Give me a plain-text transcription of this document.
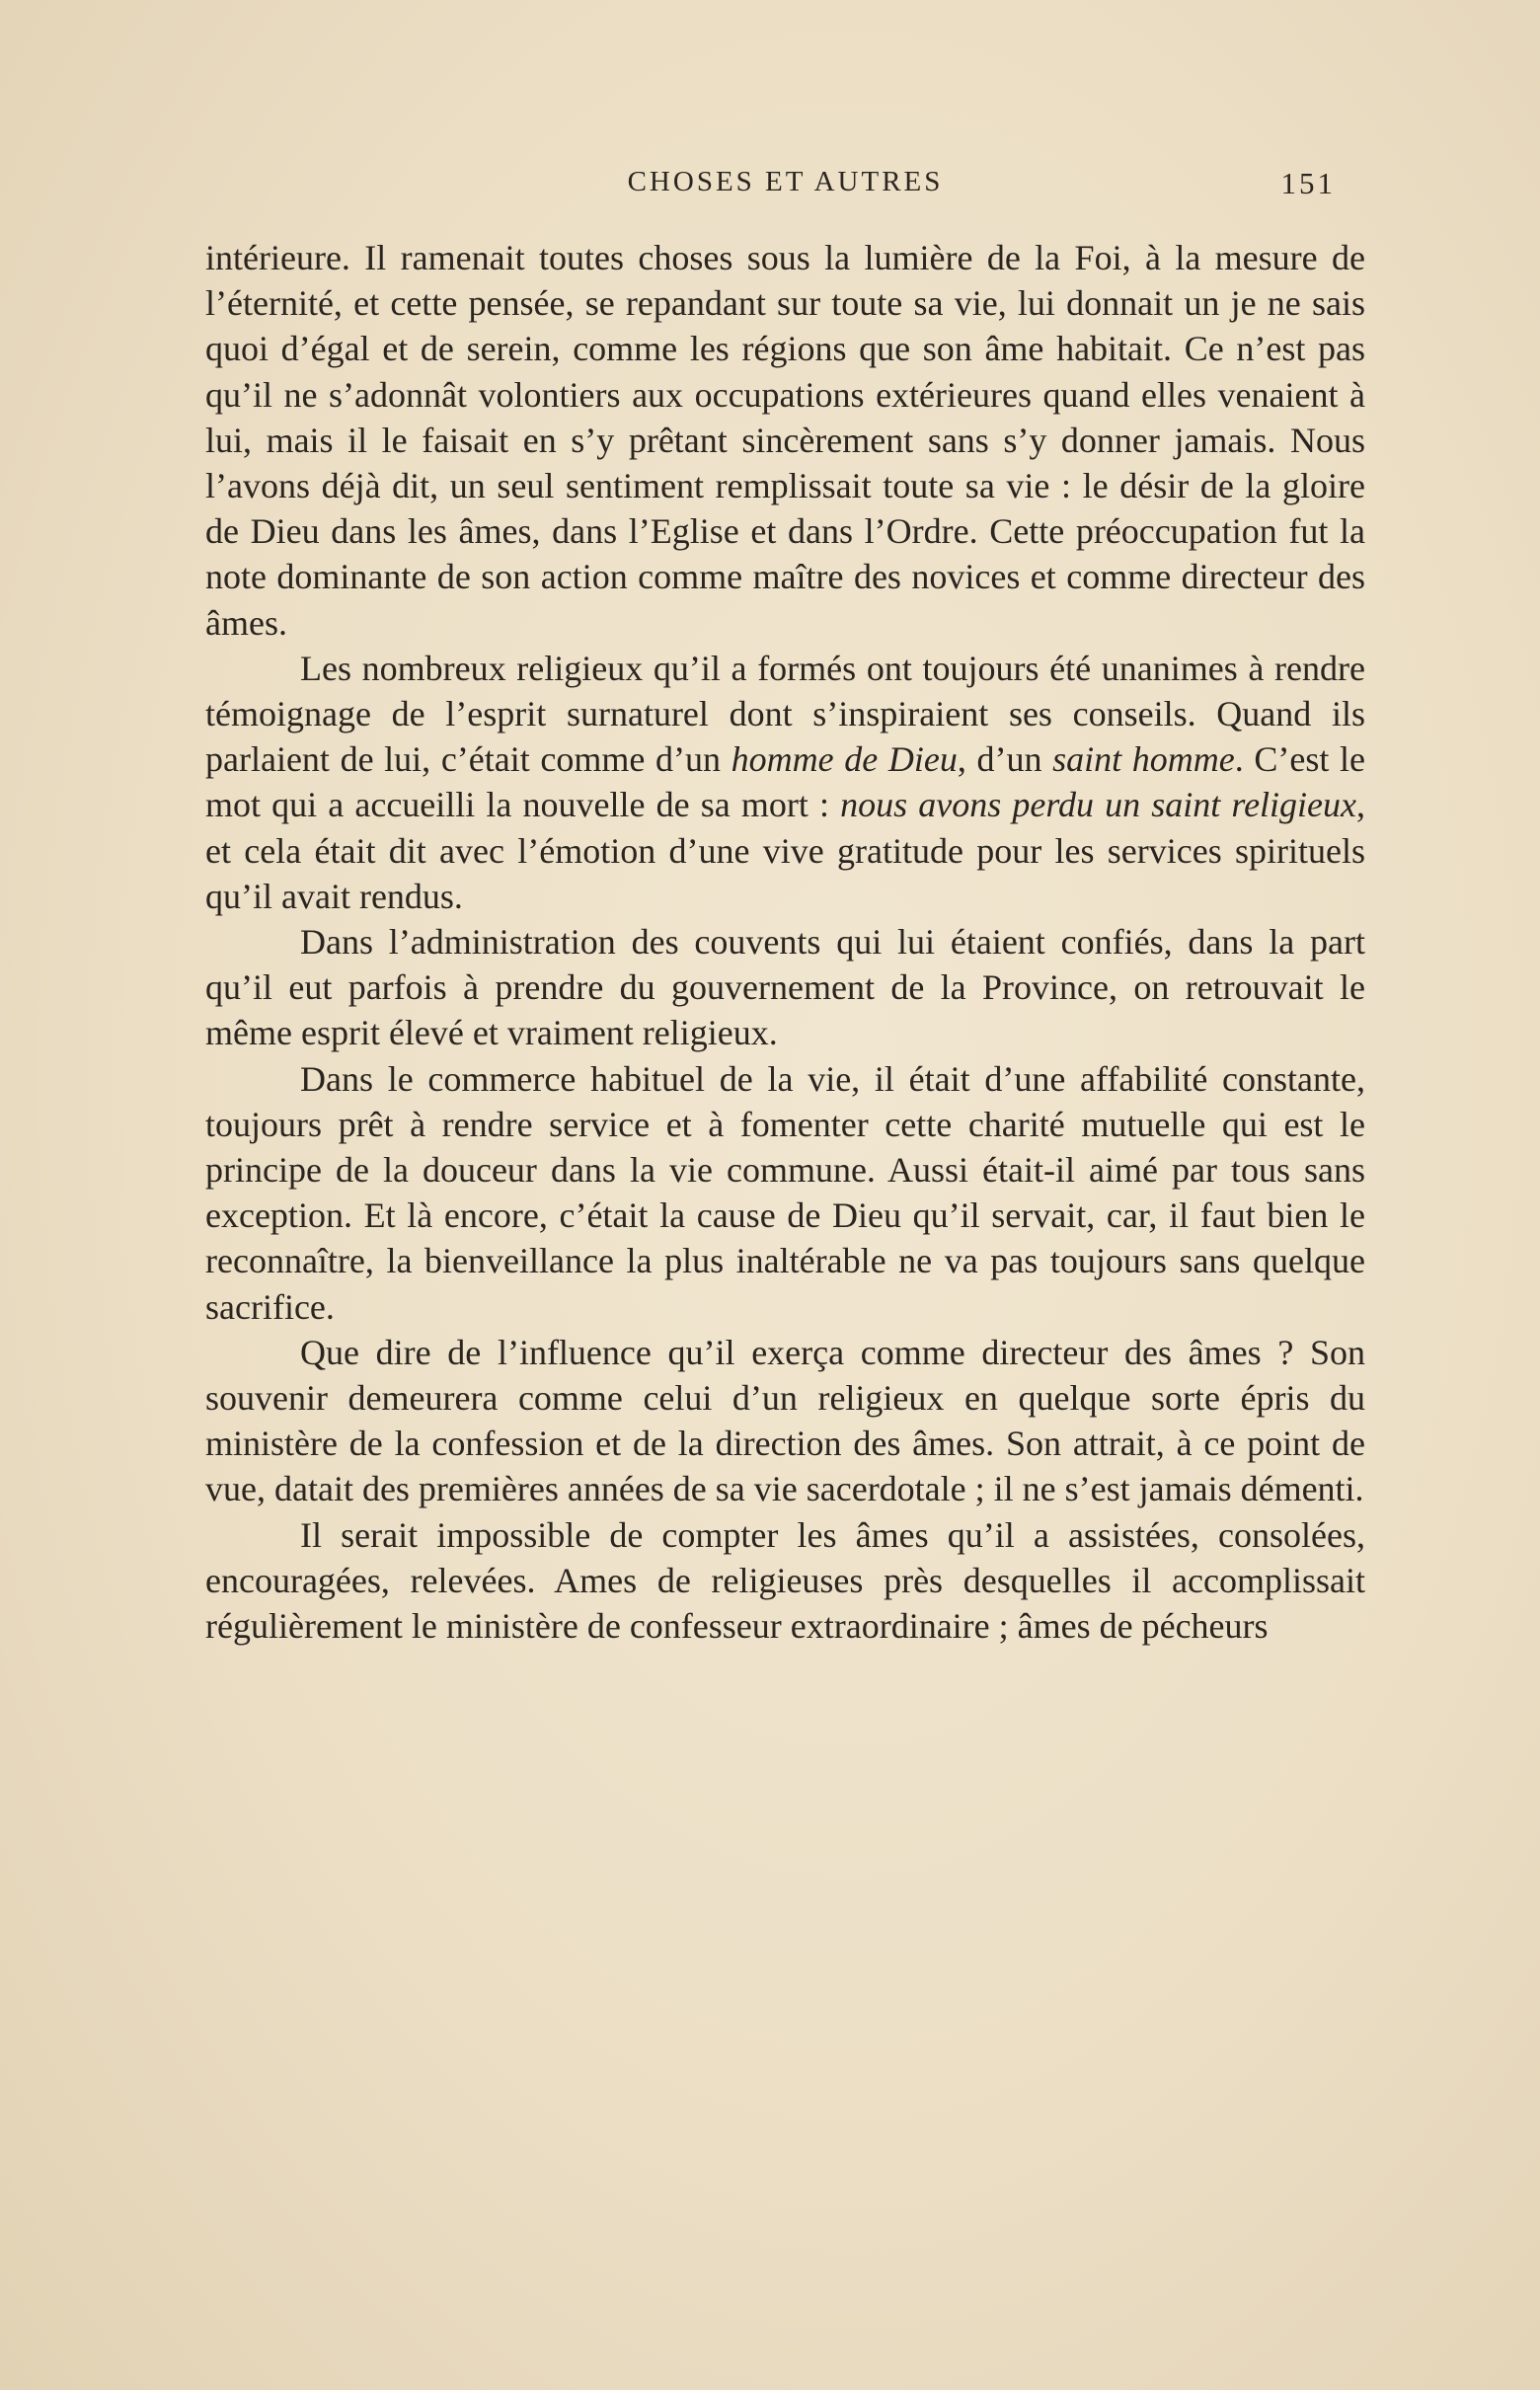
CHOSES ET AUTRES	151

intérieure. Il ramenait toutes choses sous la lumière de la Foi, à la mesure de l’éternité, et cette pensée, se repandant sur toute sa vie, lui donnait un je ne sais quoi d’égal et de serein, comme les régions que son âme habitait. Ce n’est pas qu’il ne s’adonnât volontiers aux occupations extérieures quand elles venaient à lui, mais il le faisait en s’y prêtant sincèrement sans s’y donner jamais. Nous l’avons déjà dit, un seul sentiment remplissait toute sa vie : le désir de la gloire de Dieu dans les âmes, dans l’Eglise et dans l’Ordre. Cette préoccupation fut la note dominante de son action comme maître des novices et comme directeur des âmes.

Les nombreux religieux qu’il a formés ont toujours été unanimes à rendre témoignage de l’esprit surnaturel dont s’inspiraient ses conseils. Quand ils parlaient de lui, c’était comme d’un homme de Dieu, d’un saint homme. C’est le mot qui a accueilli la nouvelle de sa mort : nous avons perdu un saint religieux, et cela était dit avec l’émotion d’une vive gratitude pour les services spirituels qu’il avait rendus.

Dans l’administration des couvents qui lui étaient confiés, dans la part qu’il eut parfois à prendre du gouvernement de la Province, on retrouvait le même esprit élevé et vraiment religieux.

Dans le commerce habituel de la vie, il était d’une affabilité constante, toujours prêt à rendre service et à fomenter cette charité mutuelle qui est le principe de la douceur dans la vie commune. Aussi était-il aimé par tous sans exception. Et là encore, c’était la cause de Dieu qu’il servait, car, il faut bien le reconnaître, la bienveillance la plus inaltérable ne va pas toujours sans quelque sacrifice.

Que dire de l’influence qu’il exerça comme directeur des âmes ? Son souvenir demeurera comme celui d’un religieux en quelque sorte épris du ministère de la confession et de la direction des âmes. Son attrait, à ce point de vue, datait des premières années de sa vie sacerdotale ; il ne s’est jamais démenti.

Il serait impossible de compter les âmes qu’il a assistées, consolées, encouragées, relevées. Ames de religieuses près desquelles il accomplissait régulièrement le ministère de confesseur extraordinaire ; âmes de pécheurs
